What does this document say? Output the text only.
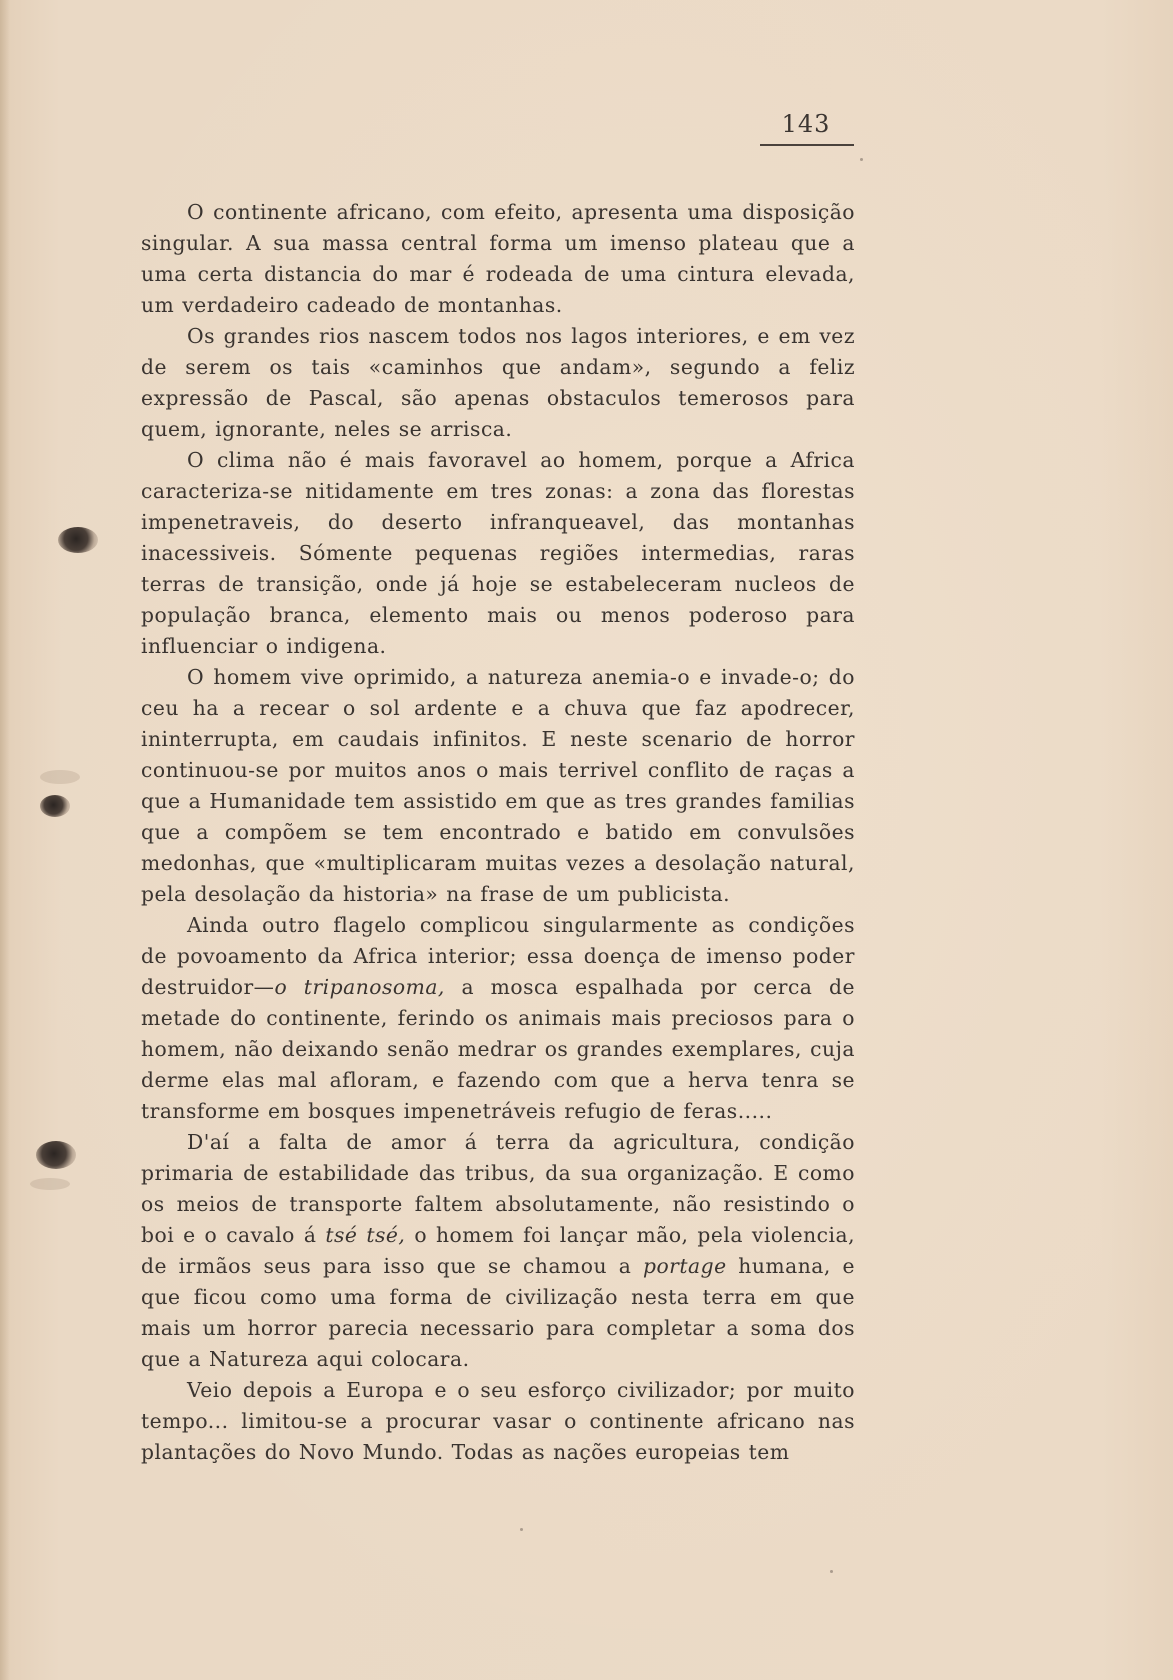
143

O continente africano, com efeito, apresenta uma disposição singular. A sua massa central forma um imenso plateau que a uma certa distancia do mar é rodeada de uma cintura elevada, um verdadeiro cadeado de montanhas.

Os grandes rios nascem todos nos lagos interiores, e em vez de serem os tais «caminhos que andam», segundo a feliz expressão de Pascal, são apenas obstaculos temerosos para quem, ignorante, neles se arrisca.

O clima não é mais favoravel ao homem, porque a Africa caracteriza-se nitidamente em tres zonas: a zona das florestas impenetraveis, do deserto infranqueavel, das montanhas inacessiveis. Sómente pequenas regiões intermedias, raras terras de transição, onde já hoje se estabeleceram nucleos de população branca, elemento mais ou menos poderoso para influenciar o indigena.

O homem vive oprimido, a natureza anemia-o e invade-o; do ceu ha a recear o sol ardente e a chuva que faz apodrecer, ininterrupta, em caudais infinitos. E neste scenario de horror continuou-se por muitos anos o mais terrivel conflito de raças a que a Humanidade tem assistido em que as tres grandes familias que a compõem se tem encontrado e batido em convulsões medonhas, que «multiplicaram muitas vezes a desolação natural, pela desolação da historia» na frase de um publicista.

Ainda outro flagelo complicou singularmente as condições de povoamento da Africa interior; essa doença de imenso poder destruidor—o tripanosoma, a mosca espalhada por cerca de metade do continente, ferindo os animais mais preciosos para o homem, não deixando senão medrar os grandes exemplares, cuja derme elas mal afloram, e fazendo com que a herva tenra se transforme em bosques impenetráveis refugio de feras.....

D'aí a falta de amor á terra da agricultura, condição primaria de estabilidade das tribus, da sua organização. E como os meios de transporte faltem absolutamente, não resistindo o boi e o cavalo á tsé tsé, o homem foi lançar mão, pela violencia, de irmãos seus para isso que se chamou a portage humana, e que ficou como uma forma de civilização nesta terra em que mais um horror parecia necessario para completar a soma dos que a Natureza aqui colocara.

Veio depois a Europa e o seu esforço civilizador; por muito tempo... limitou-se a procurar vasar o continente africano nas plantações do Novo Mundo. Todas as nações europeias tem
